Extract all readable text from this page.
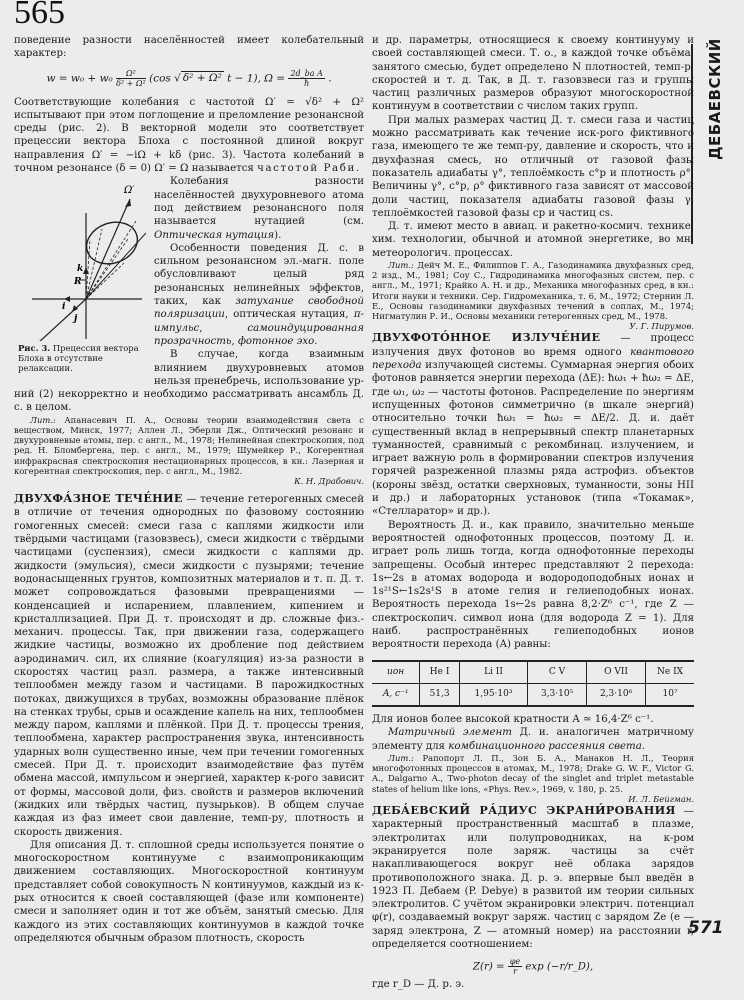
565
ДЕБАЕВСКИЙ

поведение разности населённостей имеет колебательный характер:

$w = w_0 + w_0 \frac{\text{Ω²}}{\text{δ² + Ω²}} (\cos$ √ δ² + Ω² t − 1), $\Omega = \frac{\text{2d\_ba A}}{ħ}$ .

Соответствующие колебания с частотой Ω′ = √δ² + Ω² испытывают при этом поглощение и преломление резонансной среды (рис. 2). В векторной модели это соответствует прецессии вектора Блоха с постоянной длиной вокруг направления Ω′ = −iΩ + kδ (рис. 3). Частота колебаний в точном резонансе (δ = 0) Ω′ = Ω называется
Ω′
k
R
i
j
Рис. 3. Прецессия вектора Блоха в отсутствие релаксации.
частотой Раби.

Колебания разности населённостей двухуровневого атома под действием резонансного поля называется нутацией (см. Оптическая нутация).

Особенности поведения Д. с. в сильном резонансном эл.-магн. поле обусловливают целый ряд резонансных нелинейных эффектов, таких, как затухание свободной поляризации, оптическая нутация, π-импульс, самоиндуцированная прозрачность, фотонное эхо.

В случае, когда взаимным влиянием двухуровневых атомов нельзя пренебречь, использование ур-ний (2) некорректно и необходимо рассматривать ансамбль Д. с. в целом.

Лит.: Апанасевич П. А., Основы теории взаимодействия света с веществом, Минск, 1977; Аллен Л., Эберли Дж., Оптический резонанс и двухуровневые атомы, пер. с англ., М., 1978; Нелинейная спектроскопия, под ред. Н. Бломбергена, пер. с англ., М., 1979; Шумейкер Р., Когерентная инфракрасная спектроскопия нестационарных процессов, в кн.: Лазерная и когерентная спектроскопия, пер. с англ., М., 1982.

К. Н. Драбович.

ДВУХФА́ЗНОЕ ТЕЧЕ́НИЕ — течение гетерогенных смесей в отличие от течения однородных по фазовому состоянию гомогенных смесей: смеси газа с каплями жидкости или твёрдыми частицами (газовзвесь), смеси жидкости с твёрдыми частицами (суспензия), смеси жидкости с каплями др. жидкости (эмульсия), смеси жидкости с пузырями; течение водонасыщенных грунтов, композитных материалов и т. п. Д. т. может сопровождаться фазовыми превращениями — конденсацией и испарением, плавлением, кипением и кристаллизацией. При Д. т. происходят и др. сложные физ.-механич. процессы. Так, при движении газа, содержащего жидкие частицы, возможно их дробление под действием аэродинамич. сил, их слияние (коагуляция) из-за разности в скоростях частиц разл. размера, а также интенсивный теплообмен между газом и частицами. В парожидкостных потоках, движущихся в трубах, возможны образование плёнок на стенках трубы, срыв и осаждение капель на них, теплообмен между паром, каплями и плёнкой. При Д. т. процессы трения, теплообмена, характер распространения звука, интенсивность ударных волн существенно иные, чем при течении гомогенных смесей. При Д. т. происходит взаимодействие фаз путём обмена массой, импульсом и энергией, характер к-рого зависит от формы, массовой доли, физ. свойств и размеров включений (жидких или твёрдых частиц, пузырьков). В общем случае каждая из фаз имеет свои давление, темп-ру, плотность и скорость движения.

Для описания Д. т. сплошной среды используется понятие о многоскоростном континууме с взаимопроникающим движением составляющих. Многоскоростной континуум представляет собой совокупность N континуумов, каждый из к-рых относится к своей составляющей (фазе или компоненте) смеси и заполняет один и тот же объём, занятый смесью. Для каждого из этих составляющих континуумов в каждой точке определяются обычным образом плотность, скорость

и др. параметры, относящиеся к своему континууму и своей составляющей смеси. Т. о., в каждой точке объёма, занятого смесью, будет определено N плотностей, темп-р, скоростей и т. д. Так, в Д. т. газовзвеси газ и группы частиц различных размеров образуют многоскоростной континуум в соответствии с числом таких групп.

При малых размерах частиц Д. т. смеси газа и частиц можно рассматривать как течение иск-рого фиктивного газа, имеющего те же темп-ру, давление и скорость, что и двухфазная смесь, но отличный от газовой фазы показатель адиабаты γ°, теплоёмкость c°p и плотность ρ°. Величины γ°, c°p, ρ° фиктивного газа зависят от массовой доли частиц, показателя адиабаты газовой фазы γ, теплоёмкостей газовой фазы cp и частиц cs.

Д. т. имеют место в авиац. и ракетно-космич. технике, хим. технологии, обычной и атомной энергетике, во мн. метеорологич. процессах.

Лит.: Дейч М. Е., Филиппов Г. А., Газодинамика двухфазных сред, 2 изд., М., 1981; Соу С., Гидродинамика многофазных систем, пер. с англ., М., 1971; Крайко А. Н. и др., Механика многофазных сред, в кн.: Итоги науки и техники. Сер. Гидромеханика, т. 6, М., 1972; Стернин Л. Е., Основы газодинамики двухфазных течений в соплах, М., 1974; Нигматулин Р. И., Основы механики гетерогенных сред, М., 1978.

У. Г. Пирумов.

ДВУХФОТО́ННОЕ ИЗЛУЧЕ́НИЕ — процесс излучения двух фотонов во время одного квантового перехода излучающей системы. Суммарная энергия обоих фотонов равняется энергии перехода (ΔE): ħω₁ + ħω₂ = ΔE, где ω₁, ω₂ — частоты фотонов. Распределение по энергиям испущенных фотонов симметрично (в шкале энергий) относительно точки ħω₁ = ħω₂ = ΔE/2. Д. и. даёт существенный вклад в непрерывный спектр планетарных туманностей, сравнимый с рекомбинац. излучением, и играет важную роль в формировании спектров излучения горячей разреженной плазмы ряда астрофиз. объектов (короны звёзд, остатки сверхновых, туманности, зоны HII и др.) и лабораторных установок (типа «Токамак», «Стелларатор» и др.).

Вероятность Д. и., как правило, значительно меньше вероятностей однофотонных процессов, поэтому Д. и. играет роль лишь тогда, когда однофотонные переходы запрещены. Особый интерес представляют 2 перехода: 1s←2s в атомах водорода и водородоподобных ионах и 1s²¹S←1s2s¹S в атоме гелия и гелиеподобных ионах. Вероятность перехода 1s←2s равна 8,2·Z⁶ с⁻¹, где Z — спектроскопич. символ иона (для водорода Z = 1). Для наиб. распространённых гелиеподобных ионов вероятности перехода (A) равны:

ион	He I	Li II	C V	O VII	Ne IX
A, с⁻¹	51,3	1,95·10³	3,3·10⁵	2,3·10⁶	10⁷

Для ионов более высокой кратности A ≃ 16,4·Z⁶ с⁻¹.

Матричный элемент Д. и. аналогичен матричному элементу для комбинационного рассеяния света.

Лит.: Рапопорт Л. П., Зон Б. А., Манаков Н. Л., Теория многофотонных процессов в атомах, М., 1978; Drake G. W. F., Victor G. A., Dalgarno A., Two-photon decay of the singlet and triplet metastable states of helium like ions, «Phys. Rev.», 1969, v. 180, p. 25.

И. Л. Бейгман.

ДЕБА́ЕВСКИЙ РА́ДИУС ЭКРАНИ́РОВАНИЯ — характерный пространственный масштаб в плазме, электролитах или полупроводниках, на к-ром экранируется поле заряж. частицы за счёт накапливающегося вокруг неё облака зарядов противоположного знака. Д. р. э. впервые был введён в 1923 П. Дебаем (P. Debye) в развитой им теории сильных электролитов. С учётом экранировки электрич. потенциал φ(r), создаваемый вокруг заряж. частиц с зарядом Ze (e — заряд электрона, Z — атомный номер) на расстоянии r, определяется соотношением:

$Z(r) = \frac{\varphi e}{r}$ exp (−r/r_D),

где r_D — Д. р. э.

571
